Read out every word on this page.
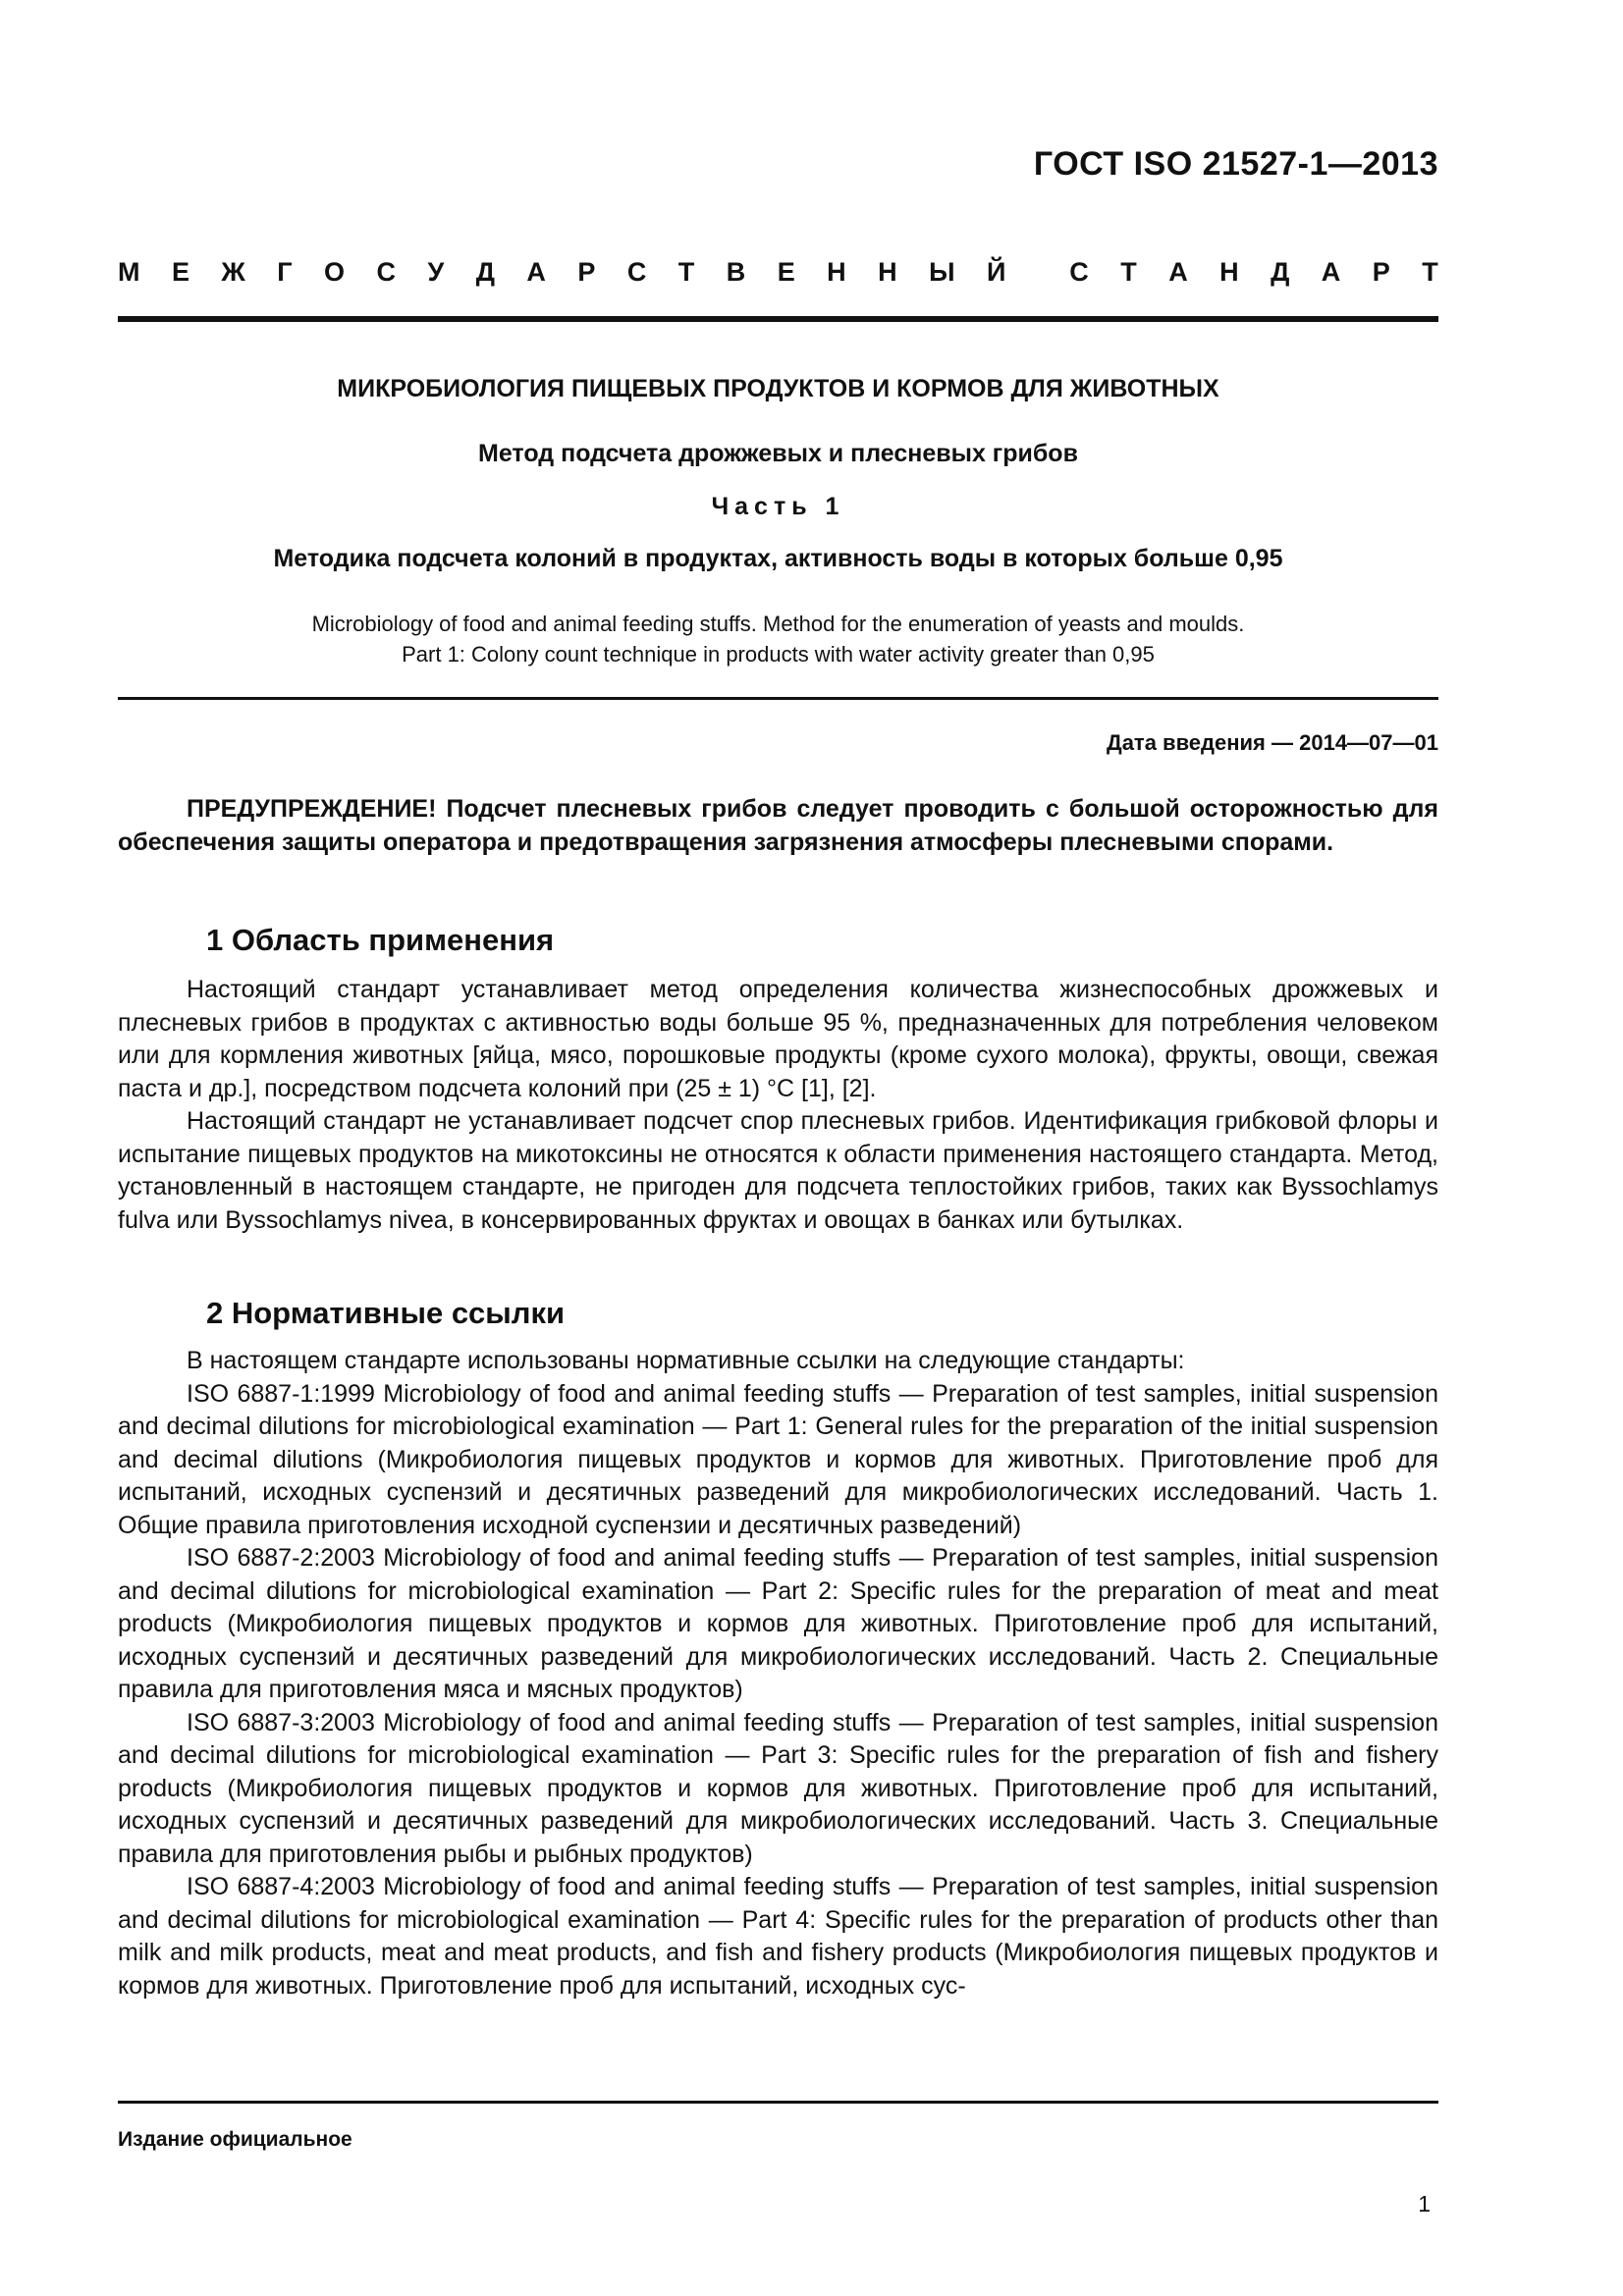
ГОСТ ISO 21527-1—2013
М Е Ж Г О С У Д А Р С Т В Е Н Н Ы Й С Т А Н Д А Р Т
МИКРОБИОЛОГИЯ ПИЩЕВЫХ ПРОДУКТОВ И КОРМОВ ДЛЯ ЖИВОТНЫХ
Метод подсчета дрожжевых и плесневых грибов
Часть 1
Методика подсчета колоний в продуктах, активность воды в которых больше 0,95
Microbiology of food and animal feeding stuffs. Method for the enumeration of yeasts and moulds.
Part 1: Colony count technique in products with water activity greater than 0,95
Дата введения — 2014—07—01

ПРЕДУПРЕЖДЕНИЕ! Подсчет плесневых грибов следует проводить с большой осторожностью для обеспечения защиты оператора и предотвращения загрязнения атмосферы плесневыми спорами.

1 Область применения

Настоящий стандарт устанавливает метод определения количества жизнеспособных дрожжевых и плесневых грибов в продуктах с активностью воды больше 95 %, предназначенных для потребления человеком или для кормления животных [яйца, мясо, порошковые продукты (кроме сухого молока), фрукты, овощи, свежая паста и др.], посредством подсчета колоний при (25 ± 1) °С [1], [2].

Настоящий стандарт не устанавливает подсчет спор плесневых грибов. Идентификация грибковой флоры и испытание пищевых продуктов на микотоксины не относятся к области применения настоящего стандарта. Метод, установленный в настоящем стандарте, не пригоден для подсчета теплостойких грибов, таких как Byssochlamys fulva или Byssochlamys nivea, в консервированных фруктах и овощах в банках или бутылках.

2 Нормативные ссылки

В настоящем стандарте использованы нормативные ссылки на следующие стандарты:

ISO 6887-1:1999 Microbiology of food and animal feeding stuffs — Preparation of test samples, initial suspension and decimal dilutions for microbiological examination — Part 1: General rules for the preparation of the initial suspension and decimal dilutions (Микробиология пищевых продуктов и кормов для животных. Приготовление проб для испытаний, исходных суспензий и десятичных разведений для микробиологических исследований. Часть 1. Общие правила приготовления исходной суспензии и десятичных разведений)

ISO 6887-2:2003 Microbiology of food and animal feeding stuffs — Preparation of test samples, initial suspension and decimal dilutions for microbiological examination — Part 2: Specific rules for the preparation of meat and meat products (Микробиология пищевых продуктов и кормов для животных. Приготовление проб для испытаний, исходных суспензий и десятичных разведений для микробиологических исследований. Часть 2. Специальные правила для приготовления мяса и мясных продуктов)

ISO 6887-3:2003 Microbiology of food and animal feeding stuffs — Preparation of test samples, initial suspension and decimal dilutions for microbiological examination — Part 3: Specific rules for the preparation of fish and fishery products (Микробиология пищевых продуктов и кормов для животных. Приготовление проб для испытаний, исходных суспензий и десятичных разведений для микробиологических исследований. Часть 3. Специальные правила для приготовления рыбы и рыбных продуктов)

ISO 6887-4:2003 Microbiology of food and animal feeding stuffs — Preparation of test samples, initial suspension and decimal dilutions for microbiological examination — Part 4: Specific rules for the preparation of products other than milk and milk products, meat and meat products, and fish and fishery products (Микробиология пищевых продуктов и кормов для животных. Приготовление проб для испытаний, исходных сус-

Издание официальное
1
